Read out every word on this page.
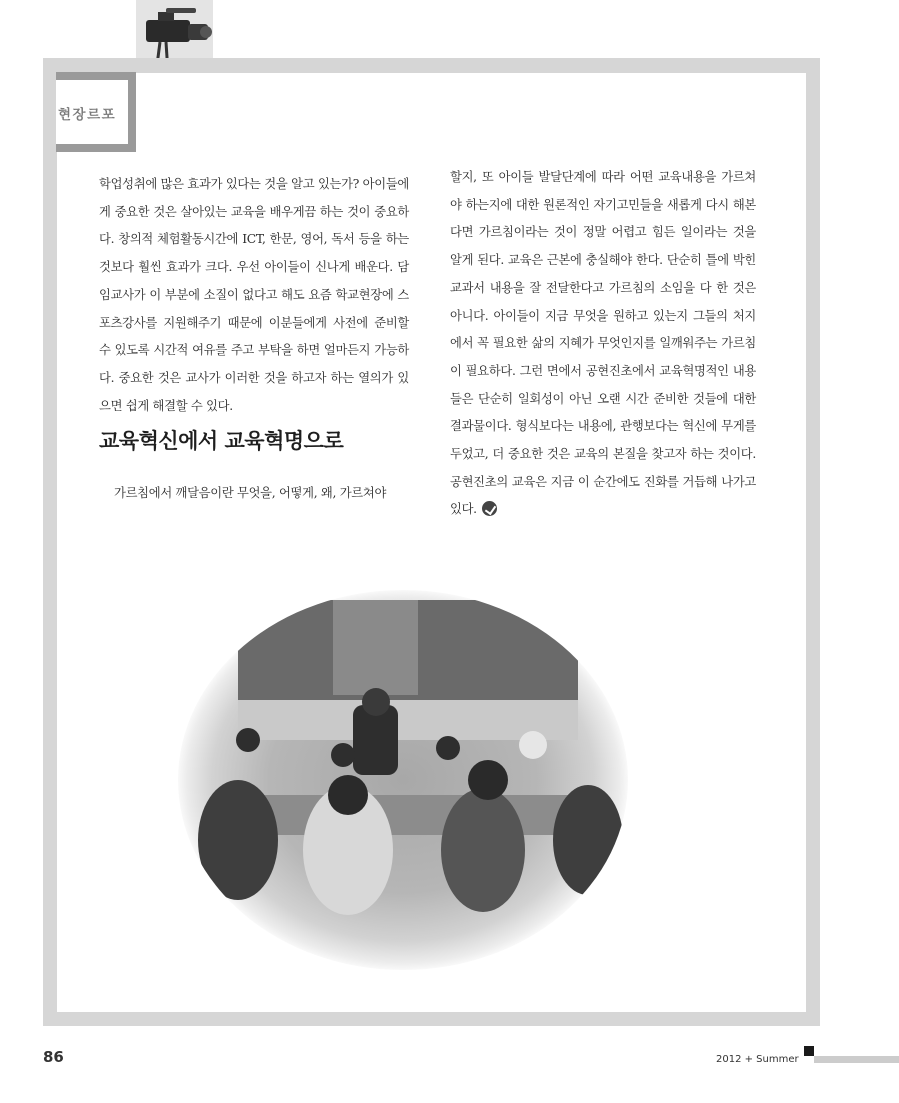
현장르포

학업성취에 많은 효과가 있다는 것을 알고 있는가? 아이들에게 중요한 것은 살아있는 교육을 배우게끔 하는 것이 중요하다. 창의적 체험활동시간에 ICT, 한문, 영어, 독서 등을 하는 것보다 훨씬 효과가 크다. 우선 아이들이 신나게 배운다. 담임교사가 이 부분에 소질이 없다고 해도 요즘 학교현장에 스포츠강사를 지원해주기 때문에 이분들에게 사전에 준비할 수 있도록 시간적 여유를 주고 부탁을 하면 얼마든지 가능하다. 중요한 것은 교사가 이러한 것을 하고자 하는 열의가 있으면 쉽게 해결할 수 있다.

교육혁신에서 교육혁명으로
가르침에서 깨달음이란 무엇을, 어떻게, 왜, 가르쳐야

할지, 또 아이들 발달단계에 따라 어떤 교육내용을 가르쳐야 하는지에 대한 원론적인 자기고민들을 새롭게 다시 해본다면 가르침이라는 것이 정말 어렵고 힘든 일이라는 것을 알게 된다. 교육은 근본에 충실해야 한다. 단순히 틀에 박힌 교과서 내용을 잘 전달한다고 가르침의 소임을 다 한 것은 아니다. 아이들이 지금 무엇을 원하고 있는지 그들의 처지에서 꼭 필요한 삶의 지혜가 무엇인지를 일깨워주는 가르침이 필요하다. 그런 면에서 공현진초에서 교육혁명적인 내용들은 단순히 일회성이 아닌 오랜 시간 준비한 것들에 대한 결과물이다. 형식보다는 내용에, 관행보다는 혁신에 무게를 두었고, 더 중요한 것은 교육의 본질을 찾고자 하는 것이다. 공현진초의 교육은 지금 이 순간에도 진화를 거듭해 나가고 있다.

86	2012 + Summer
